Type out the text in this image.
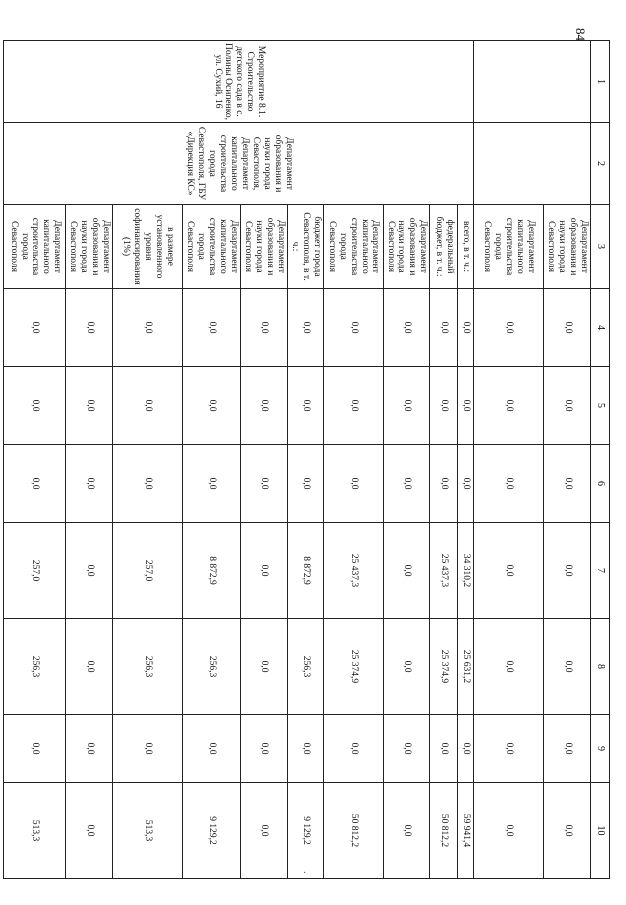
84
1	2	3	4	5	6	7	8	9	10
		Департамент образования и науки города Севастополя	0,0	0,0	0,0	0,0	0,0	0,0	0,0
		Департамент капитального строительства города Севастополя	0,0	0,0	0,0	0,0	0,0	0,0	0,0
Мероприятие 8.1. Строительство детского сада в с. Полины Осипенко, ул. Сухий, 16	Департамент образования и науки города Севастополя, Департамент капитального строительства города Севастополя, ГБУ «Дирекция КС»	всего, в т. ч.:	0,0	0,0	0,0	34 310,2	25 631,2	0,0	59 941,4
		федеральный бюджет, в т. ч.:	0,0	0,0	0,0	25 437,3	25 374,9	0,0	50 812,2
		Департамент образования и науки города Севастополя	0,0	0,0	0,0	0,0	0,0	0,0	0,0
		Департамент капитального строительства города Севастополя	0,0	0,0	0,0	25 437,3	25 374,9	0,0	50 812,2
		бюджет города Севастополя, в т. ч.:	0,0	0,0	0,0	8 872,9	256,3	0,0	9 129,2
		Департамент образования и науки города Севастополя	0,0	0,0	0,0	0,0	0,0	0,0	0,0
		Департамент капитального строительства города Севастополя	0,0	0,0	0,0	8 872,9	256,3	0,0	9 129,2
		в размере установленного уровня софинансирования (1%)	0,0	0,0	0,0	257,0	256,3	0,0	513,3
		Департамент образования и науки города Севастополя	0,0	0,0	0,0	0,0	0,0	0,0	0,0
		Департамент капитального строительства города Севастополя	0,0	0,0	0,0	257,0	256,3	0,0	513,3
·
